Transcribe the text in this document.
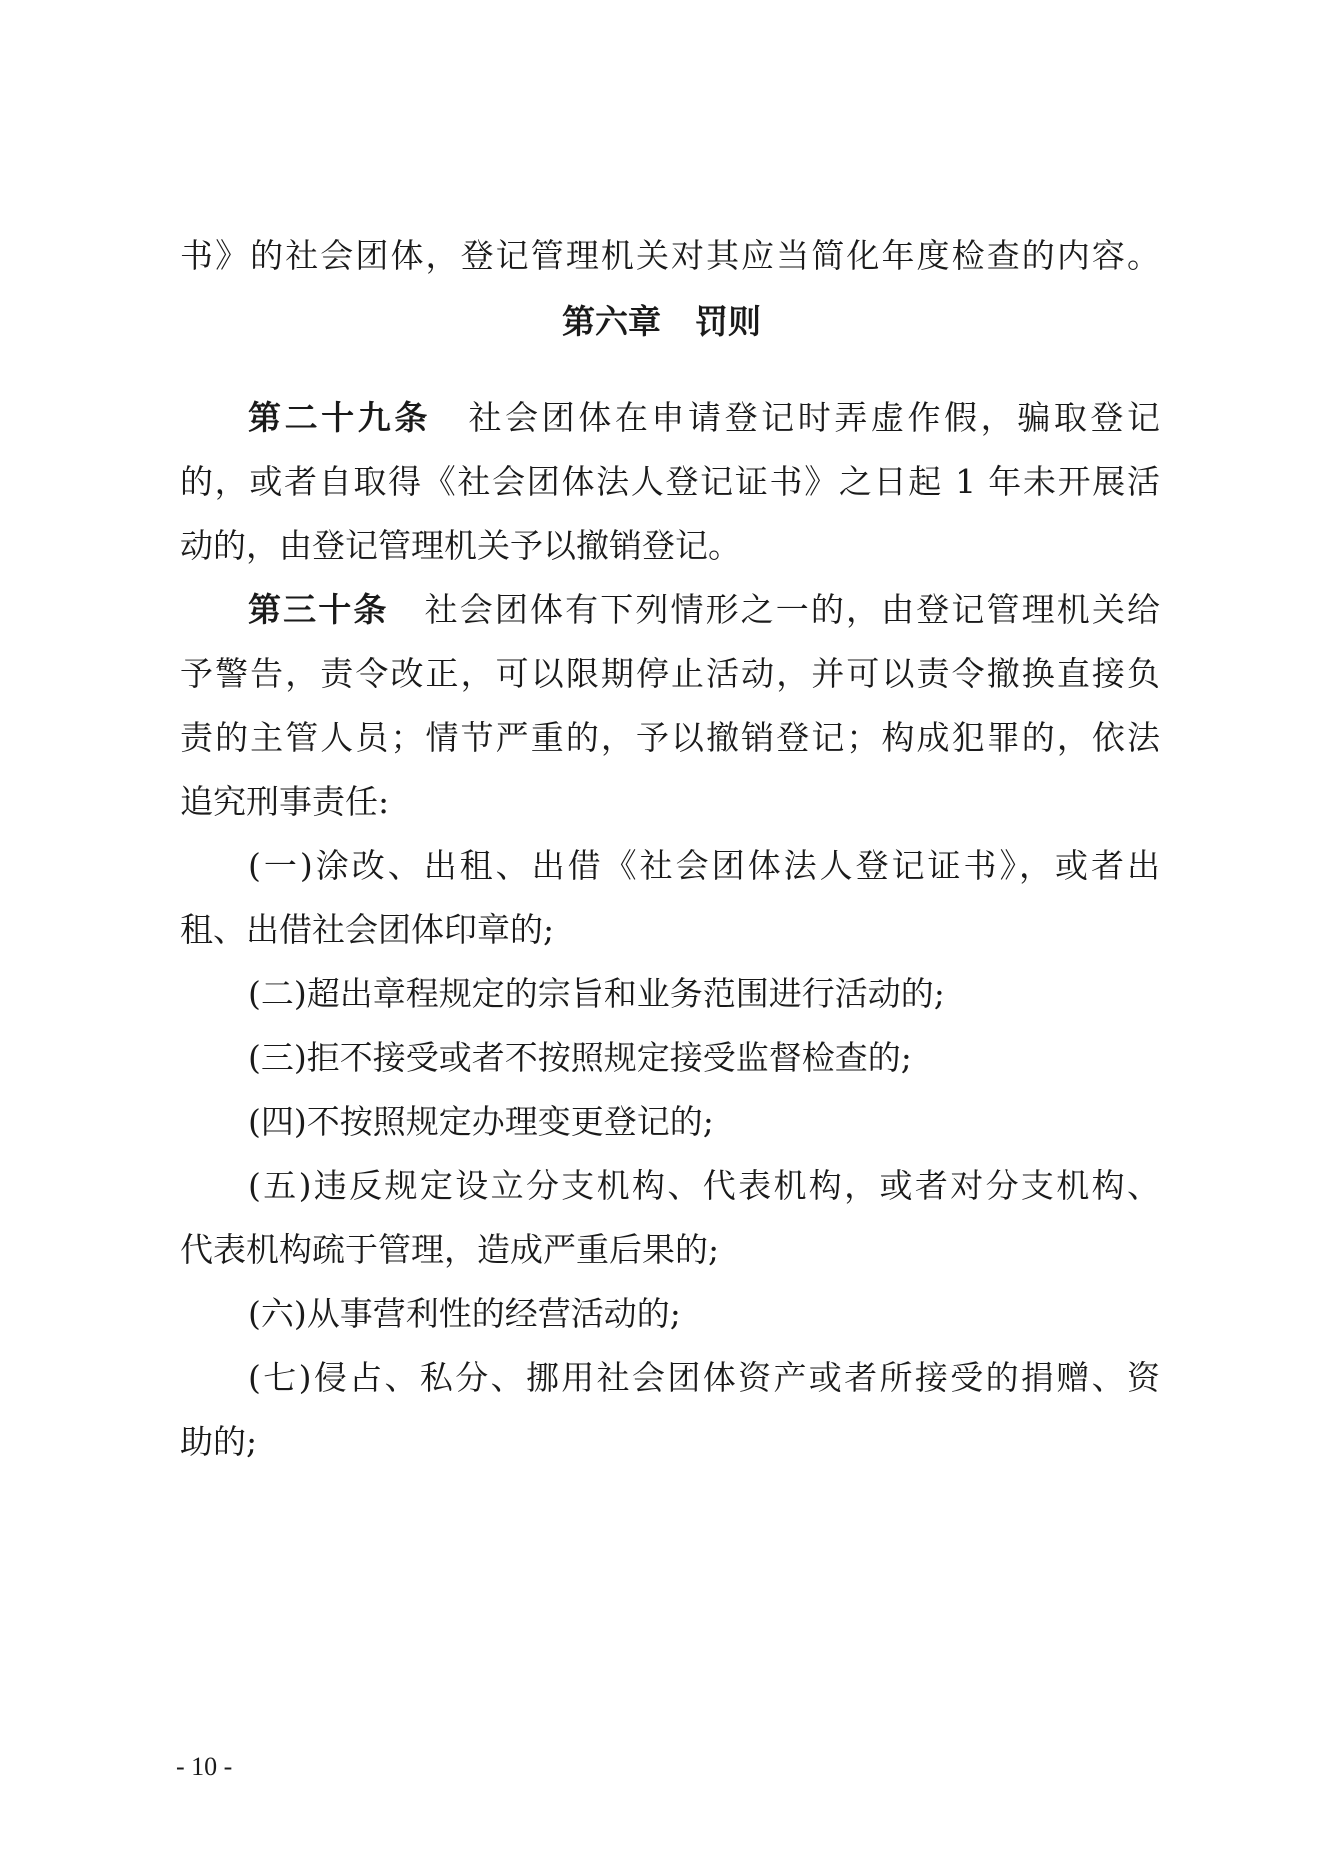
书》的社会团体，登记管理机关对其应当简化年度检查的内容。
第六章 罚则
第二十九条 社会团体在申请登记时弄虚作假，骗取登记
的，或者自取得《社会团体法人登记证书》之日起 1 年未开展活
动的，由登记管理机关予以撤销登记。
第三十条 社会团体有下列情形之一的，由登记管理机关给
予警告，责令改正，可以限期停止活动，并可以责令撤换直接负
责的主管人员；情节严重的，予以撤销登记；构成犯罪的，依法
追究刑事责任:
(一)涂改、出租、出借《社会团体法人登记证书》，或者出
租、出借社会团体印章的;
(二)超出章程规定的宗旨和业务范围进行活动的;
(三)拒不接受或者不按照规定接受监督检查的;
(四)不按照规定办理变更登记的;
(五)违反规定设立分支机构、代表机构，或者对分支机构、
代表机构疏于管理，造成严重后果的;
(六)从事营利性的经营活动的;
(七)侵占、私分、挪用社会团体资产或者所接受的捐赠、资
助的;
- 10 -
